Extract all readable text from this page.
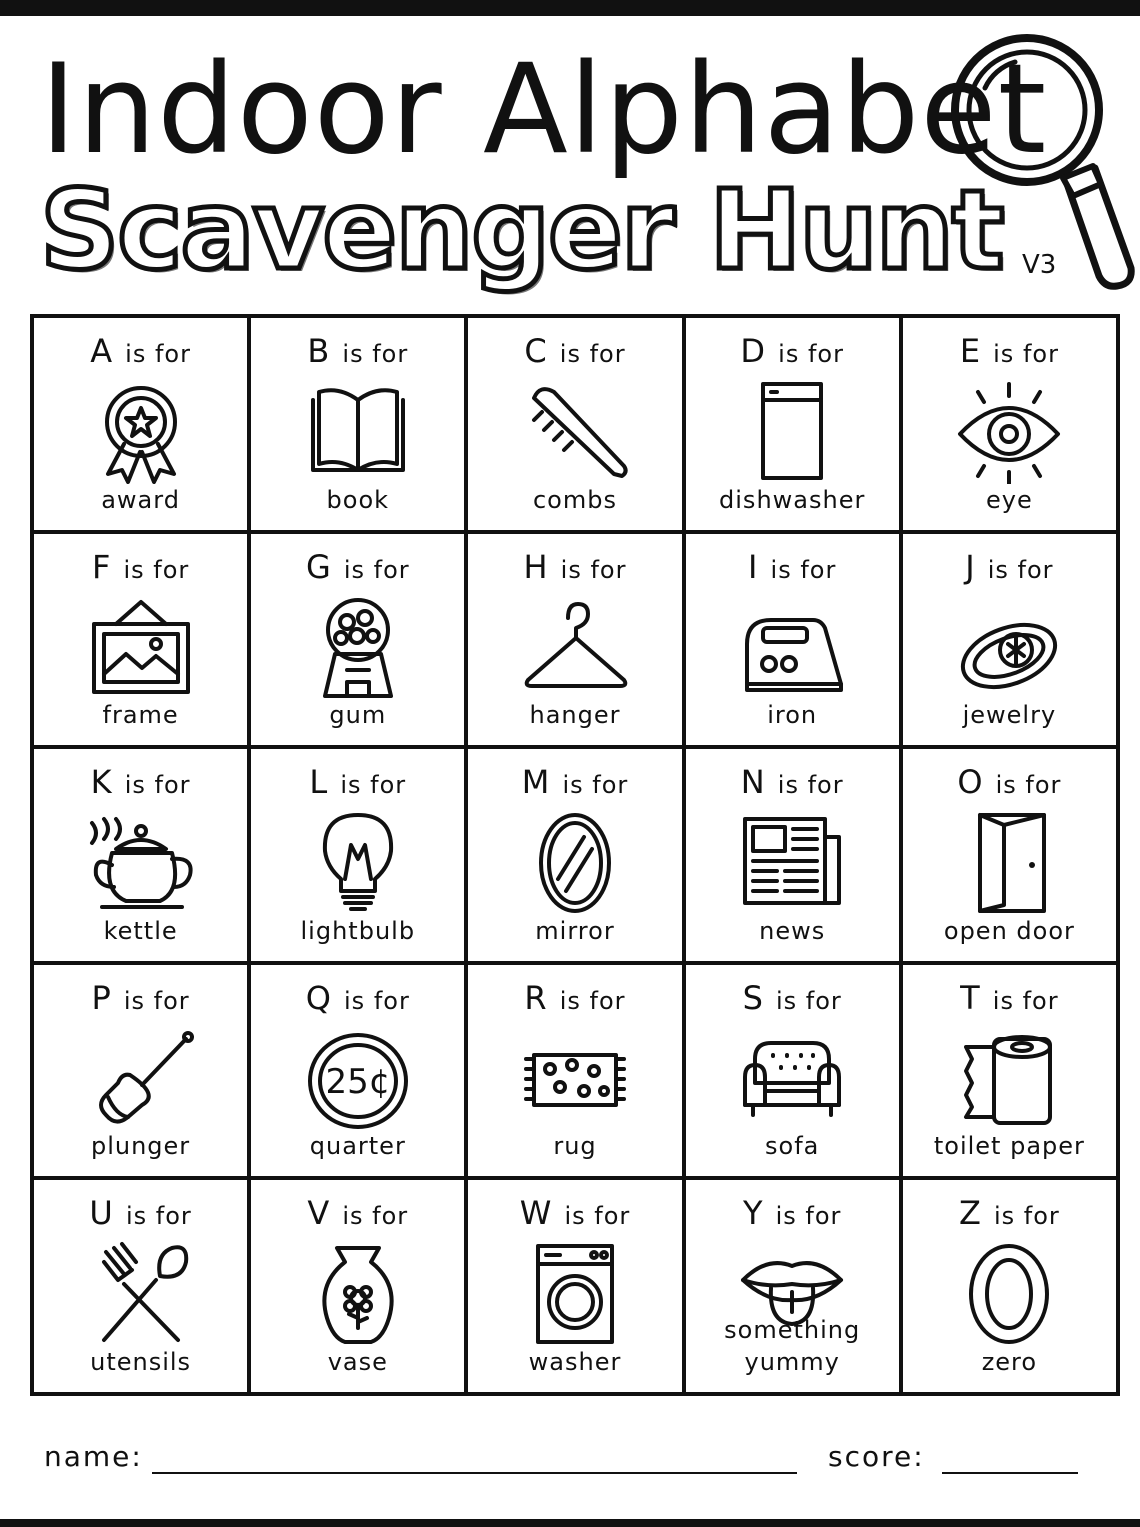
Indoor Alphabet
Scavenger Hunt V3
A is for
award
B is for
book
C is for
combs
D is for
dishwasher
E is for
eye
F is for
frame
G is for
gum
H is for
hanger
I is for
iron
J is for
jewelry
K is for
kettle
L is for
lightbulb
M is for
mirror
N is for
news
O is for
open door
P is for
plunger
Q is for
25¢
quarter
R is for
rug
S is for
sofa
T is for
toilet paper
U is for
utensils
V is for
vase
W is for
washer
Y is for
something yummy
Z is for
zero
name:	score:
